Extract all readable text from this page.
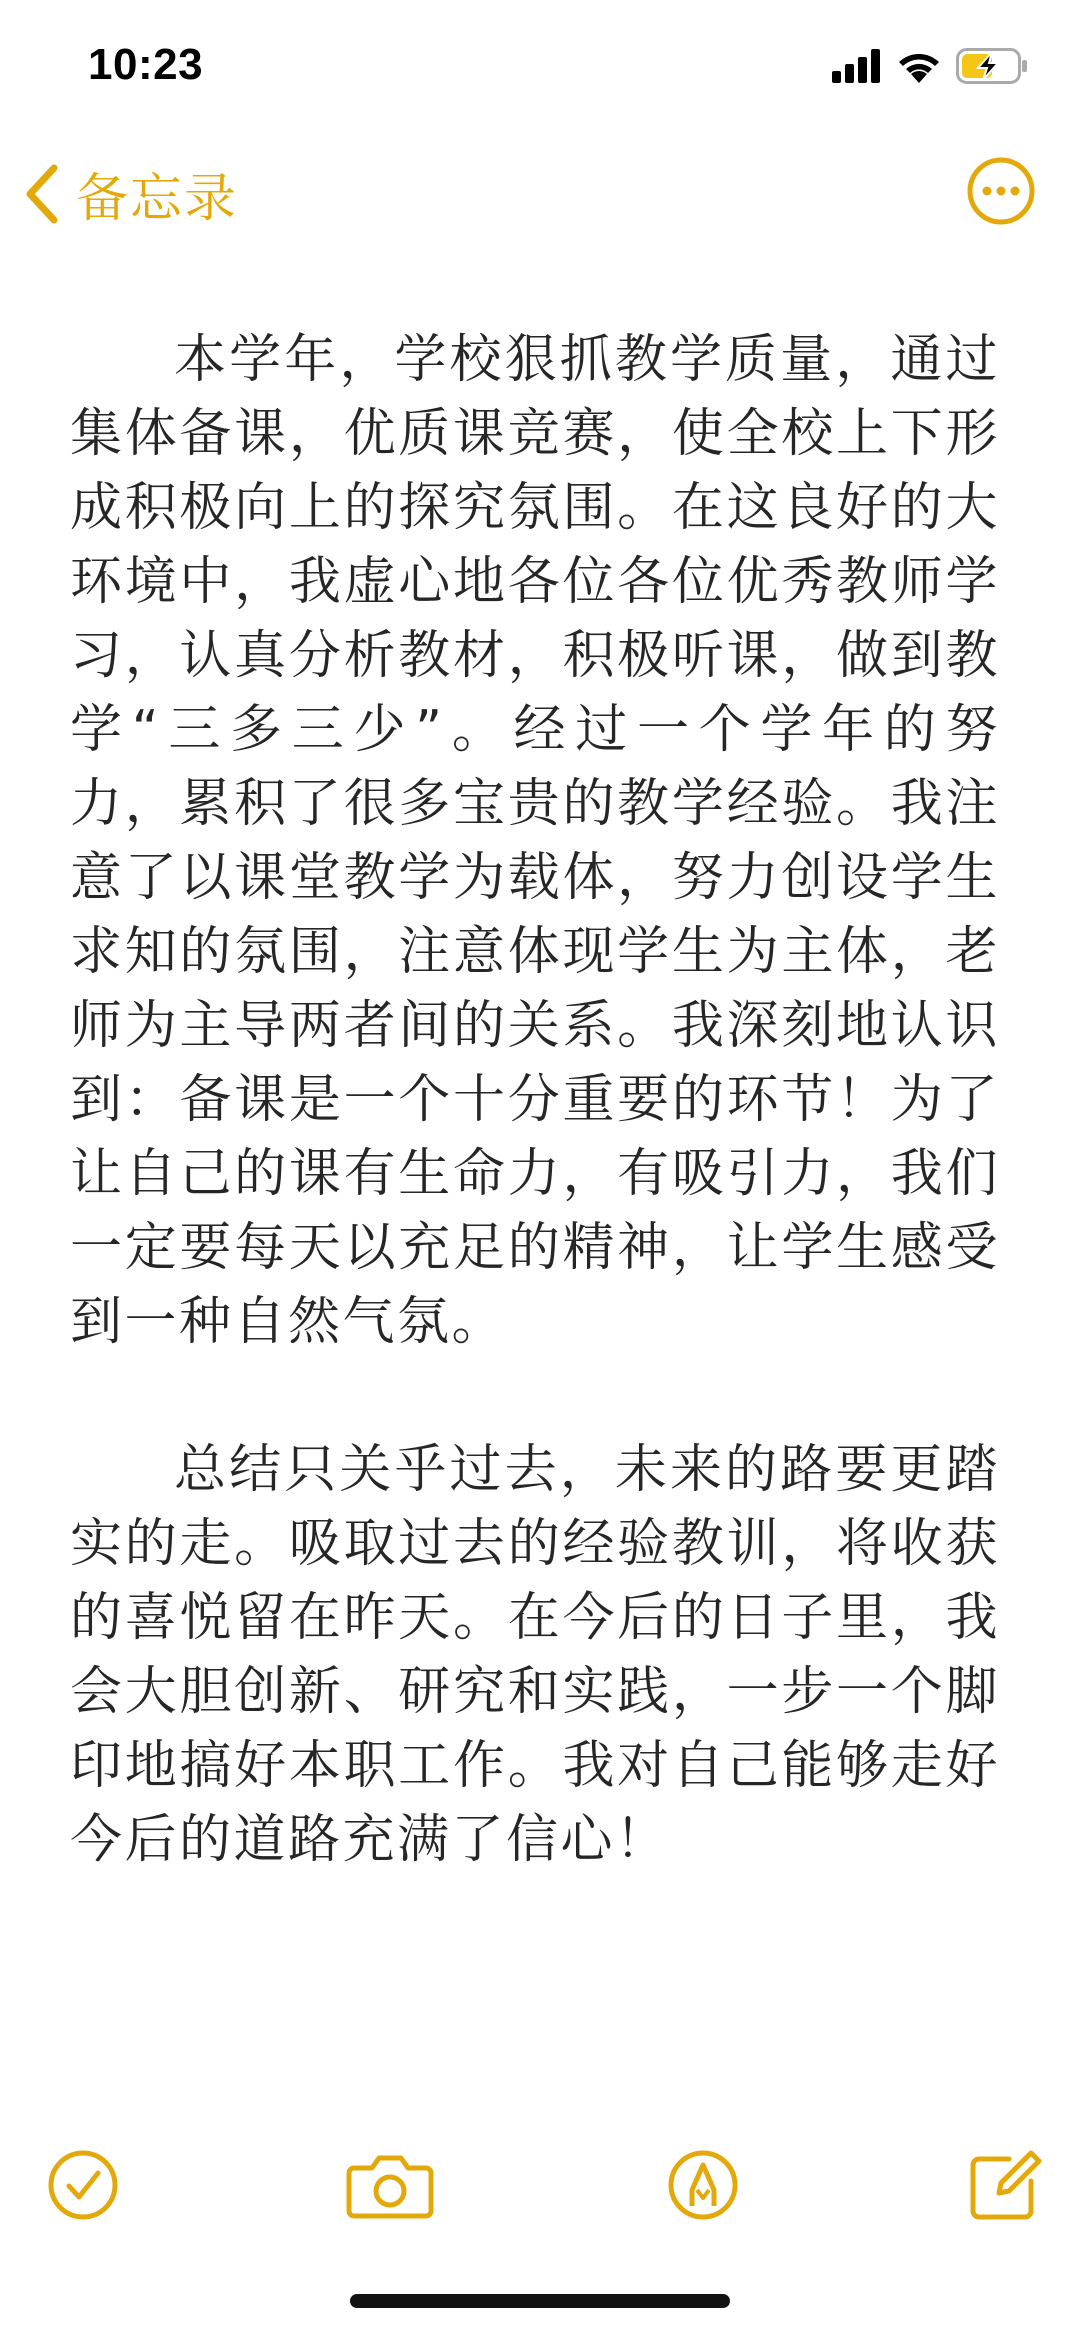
10:23
备忘录

本学年，学校狠抓教学质量，通过集体备课，优质课竞赛，使全校上下形成积极向上的探究氛围。在这良好的大环境中，我虚心地各位各位优秀教师学习，认真分析教材，积极听课，做到教学“三多三少”。经过一个学年的努力，累积了很多宝贵的教学经验。我注意了以课堂教学为载体，努力创设学生求知的氛围，注意体现学生为主体，老师为主导两者间的关系。我深刻地认识到：备课是一个十分重要的环节！为了让自己的课有生命力，有吸引力，我们一定要每天以充足的精神，让学生感受到一种自然气氛。

总结只关乎过去，未来的路要更踏实的走。吸取过去的经验教训，将收获的喜悦留在昨天。在今后的日子里，我会大胆创新、研究和实践，一步一个脚印地搞好本职工作。我对自己能够走好今后的道路充满了信心！
